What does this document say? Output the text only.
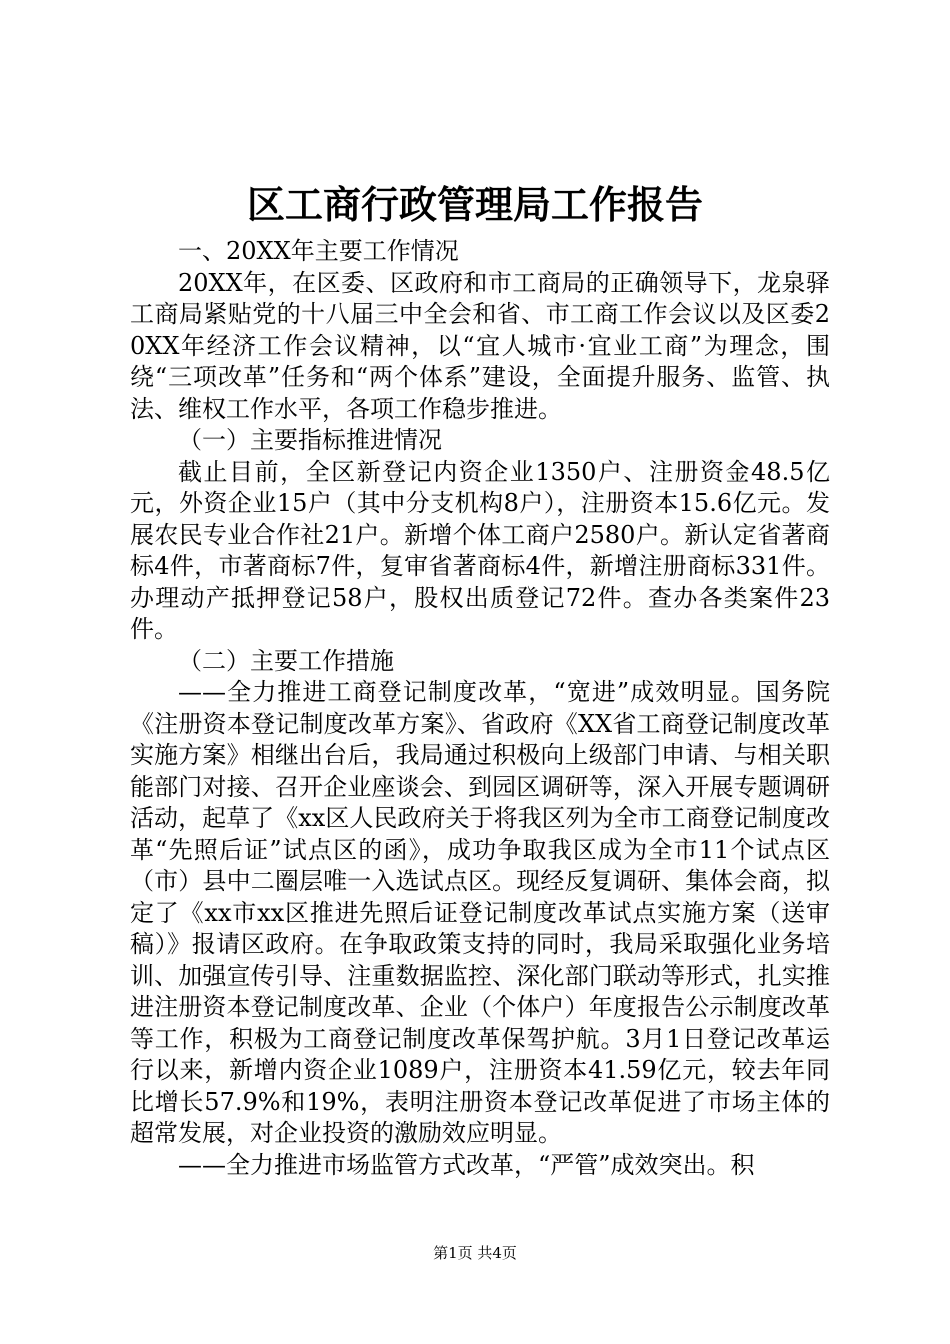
区工商行政管理局工作报告

一、20XX年主要工作情况

20XX年，在区委、区政府和市工商局的正确领导下，龙泉驿工商局紧贴党的十八届三中全会和省、市工商工作会议以及区委20XX年经济工作会议精神，以“宜人城市·宜业工商”为理念，围绕“三项改革”任务和“两个体系”建设，全面提升服务、监管、执法、维权工作水平，各项工作稳步推进。

（一）主要指标推进情况

截止目前，全区新登记内资企业1350户、注册资金48.5亿元，外资企业15户（其中分支机构8户），注册资本15.6亿元。发展农民专业合作社21户。新增个体工商户2580户。新认定省著商标4件，市著商标7件，复审省著商标4件，新增注册商标331件。办理动产抵押登记58户，股权出质登记72件。查办各类案件23件。

（二）主要工作措施

——全力推进工商登记制度改革，“宽进”成效明显。国务院《注册资本登记制度改革方案》、省政府《XX省工商登记制度改革实施方案》相继出台后，我局通过积极向上级部门申请、与相关职能部门对接、召开企业座谈会、到园区调研等，深入开展专题调研活动，起草了《xx区人民政府关于将我区列为全市工商登记制度改革“先照后证”试点区的函》，成功争取我区成为全市11个试点区（市）县中二圈层唯一入选试点区。现经反复调研、集体会商，拟定了《xx市xx区推进先照后证登记制度改革试点实施方案（送审稿）》报请区政府。在争取政策支持的同时，我局采取强化业务培训、加强宣传引导、注重数据监控、深化部门联动等形式，扎实推进注册资本登记制度改革、企业（个体户）年度报告公示制度改革等工作，积极为工商登记制度改革保驾护航。3月1日登记改革运行以来，新增内资企业1089户，注册资本41.59亿元，较去年同比增长57.9%和19%，表明注册资本登记改革促进了市场主体的超常发展，对企业投资的激励效应明显。

——全力推进市场监管方式改革，“严管”成效突出。积

第1页 共4页
